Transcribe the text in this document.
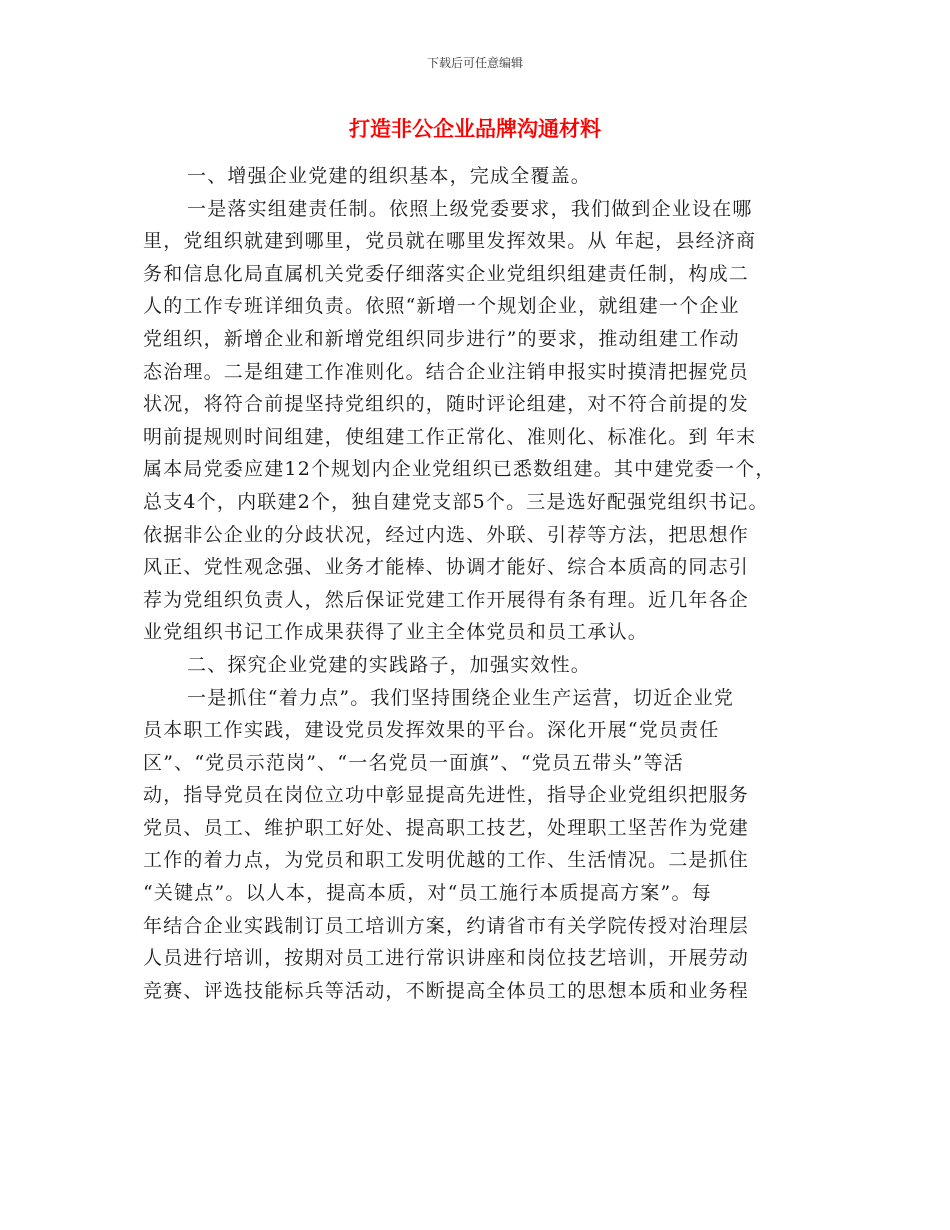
下载后可任意编辑
打造非公企业品牌沟通材料
一、增强企业党建的组织基本，完成全覆盖。
一是落实组建责任制。依照上级党委要求，我们做到企业设在哪
里，党组织就建到哪里，党员就在哪里发挥效果。从 年起，县经济商
务和信息化局直属机关党委仔细落实企业党组织组建责任制，构成二
人的工作专班详细负责。依照“新增一个规划企业，就组建一个企业
党组织，新增企业和新增党组织同步进行”的要求，推动组建工作动
态治理。二是组建工作准则化。结合企业注销申报实时摸清把握党员
状况，将符合前提坚持党组织的，随时评论组建，对不符合前提的发
明前提规则时间组建，使组建工作正常化、准则化、标准化。到 年末
属本局党委应建12个规划内企业党组织已悉数组建。其中建党委一个，
总支4个，内联建2个，独自建党支部5个。三是选好配强党组织书记。
依据非公企业的分歧状况，经过内选、外联、引荐等方法，把思想作
风正、党性观念强、业务才能棒、协调才能好、综合本质高的同志引
荐为党组织负责人，然后保证党建工作开展得有条有理。近几年各企
业党组织书记工作成果获得了业主全体党员和员工承认。
二、探究企业党建的实践路子，加强实效性。
一是抓住“着力点”。我们坚持围绕企业生产运营，切近企业党
员本职工作实践，建设党员发挥效果的平台。深化开展“党员责任
区”、“党员示范岗”、“一名党员一面旗”、“党员五带头”等活
动，指导党员在岗位立功中彰显提高先进性，指导企业党组织把服务
党员、员工、维护职工好处、提高职工技艺，处理职工坚苦作为党建
工作的着力点，为党员和职工发明优越的工作、生活情况。二是抓住
“关键点”。以人本，提高本质，对“员工施行本质提高方案”。每
年结合企业实践制订员工培训方案，约请省市有关学院传授对治理层
人员进行培训，按期对员工进行常识讲座和岗位技艺培训，开展劳动
竞赛、评选技能标兵等活动，不断提高全体员工的思想本质和业务程
